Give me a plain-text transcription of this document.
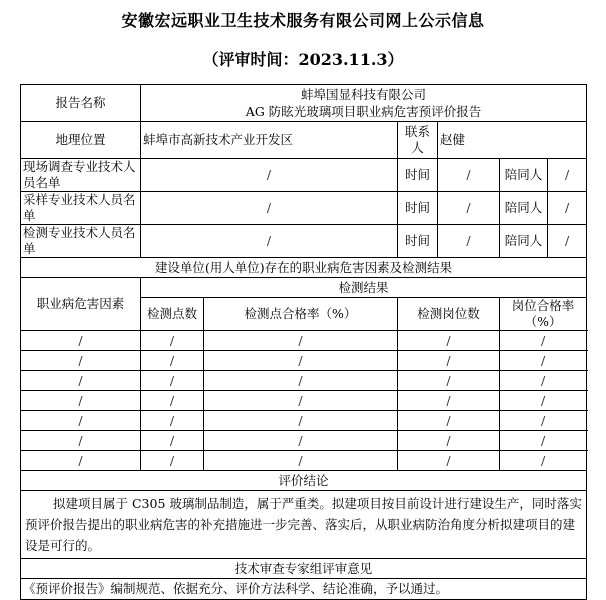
安徽宏远职业卫生技术服务有限公司网上公示信息
（评审时间：2023.11.3）
报告名称	蚌埠国显科技有限公司
AG 防眩光玻璃项目职业病危害预评价报告					

地理位置	蚌埠市高新技术产业开发区		联系人	赵健		
现场调查专业技术人员名单	/		时间	/	陪同人	/
采样专业技术人员名单	/		时间	/	陪同人	/
检测专业技术人员名单	/		时间	/	陪同人	/
建设单位(用人单位)存在的职业病危害因素及检测结果						
职业病危害因素	检测结果					
	检测点数	检测点合格率（%）	检测岗位数		岗位合格率（%）	
/	/	/	/		/	
/	/	/	/		/	
/	/	/	/		/	
/	/	/	/		/	
/	/	/	/		/	
/	/	/	/		/	
/	/	/	/		/	
评价结论						

拟建项目属于 C305 玻璃制品制造，属于严重类。拟建项目按目前设计进行建设生产，同时落实预评价报告提出的职业病危害的补充措施进一步完善、落实后，从职业病防治角度分析拟建项目的建设是可行的。						

技术审查专家组评审意见						
《预评价报告》编制规范、依据充分、评价方法科学、结论准确，予以通过。						
